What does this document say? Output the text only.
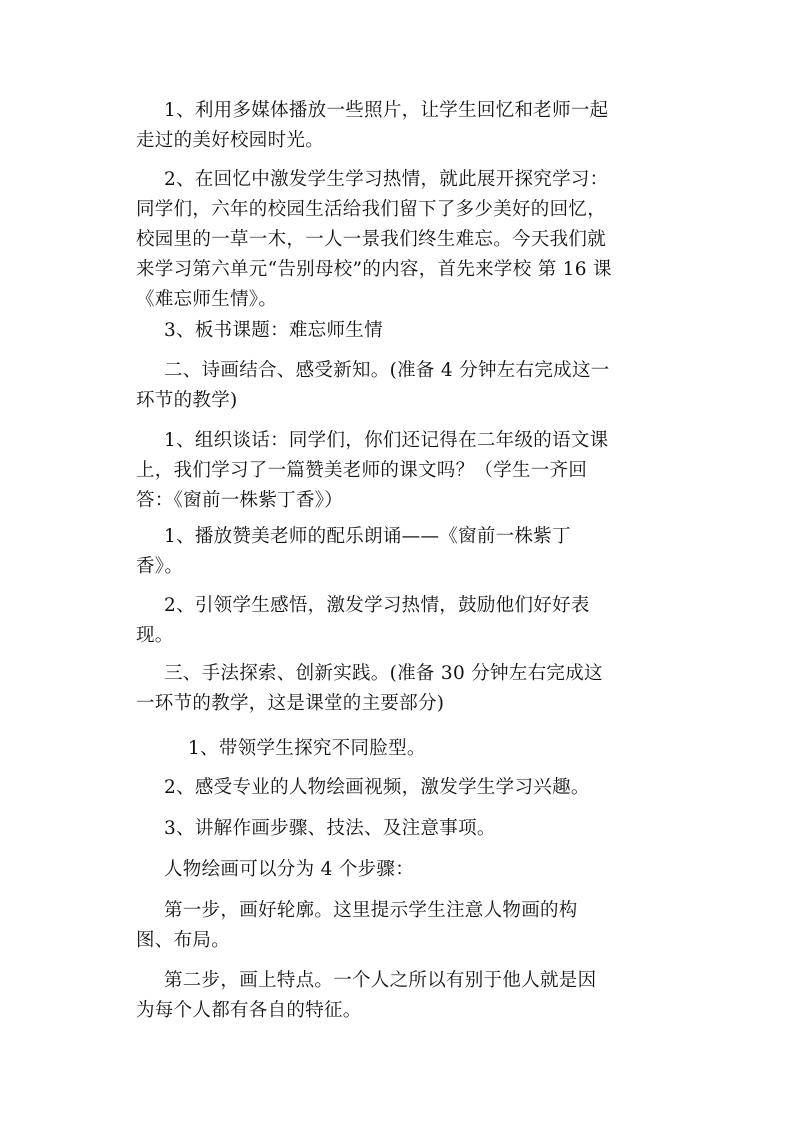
1、利用多媒体播放一些照片，让学生回忆和老师一起
走过的美好校园时光。
2、在回忆中激发学生学习热情，就此展开探究学习：
同学们，六年的校园生活给我们留下了多少美好的回忆，
校园里的一草一木，一人一景我们终生难忘。今天我们就
来学习第六单元“告别母校”的内容，首先来学校 第 16 课
《难忘师生情》。
3、板书课题：难忘师生情
二、诗画结合、感受新知。(准备 4 分钟左右完成这一
环节的教学)
1、组织谈话：同学们，你们还记得在二年级的语文课
上，我们学习了一篇赞美老师的课文吗？（学生一齐回
答：《窗前一株紫丁香》）
1、播放赞美老师的配乐朗诵——《窗前一株紫丁
香》。
2、引领学生感悟，激发学习热情，鼓励他们好好表
现。
三、手法探索、创新实践。(准备 30 分钟左右完成这
一环节的教学，这是课堂的主要部分)
1、带领学生探究不同脸型。
2、感受专业的人物绘画视频，激发学生学习兴趣。
3、讲解作画步骤、技法、及注意事项。
人物绘画可以分为 4 个步骤：
第一步，画好轮廓。这里提示学生注意人物画的构
图、布局。
第二步，画上特点。一个人之所以有别于他人就是因
为每个人都有各自的特征。
